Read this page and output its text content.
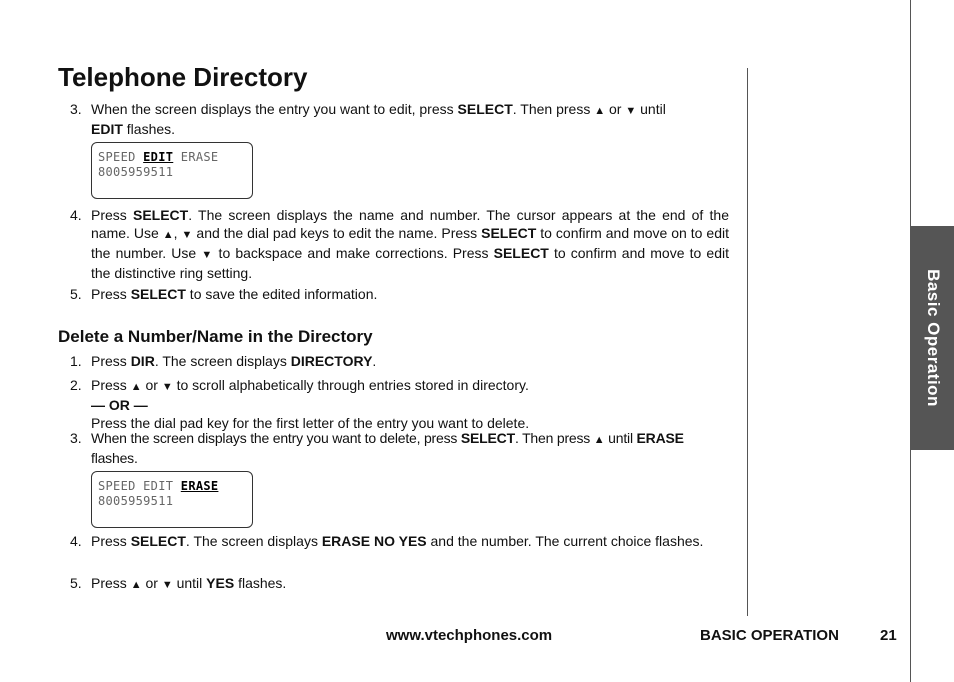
Telephone Directory
3. When the screen displays the entry you want to edit, press SELECT. Then press ▲ or ▼ until
EDIT flashes.
SPEED EDIT ERASE
8005959511
4. Press SELECT. The screen displays the name and number. The cursor appears at the end of the name. Use ▲, ▼ and the dial pad keys to edit the name. Press SELECT to confirm and move on to edit the number. Use ▼ to backspace and make corrections. Press SELECT to confirm and move to edit the distinctive ring setting.
5. Press SELECT to save the edited information.
Delete a Number/Name in the Directory
1. Press DIR. The screen displays DIRECTORY.
2. Press ▲ or ▼ to scroll alphabetically through entries stored in directory.
— OR —
Press the dial pad key for the first letter of the entry you want to delete.
3. When the screen displays the entry you want to delete, press SELECT. Then press ▲ until ERASE
flashes.
SPEED EDIT ERASE
8005959511
4. Press SELECT. The screen displays ERASE NO YES and the number. The current choice flashes.
5. Press ▲ or ▼ until YES flashes.
Basic Operation
www.vtechphones.com	BASIC OPERATION	21
